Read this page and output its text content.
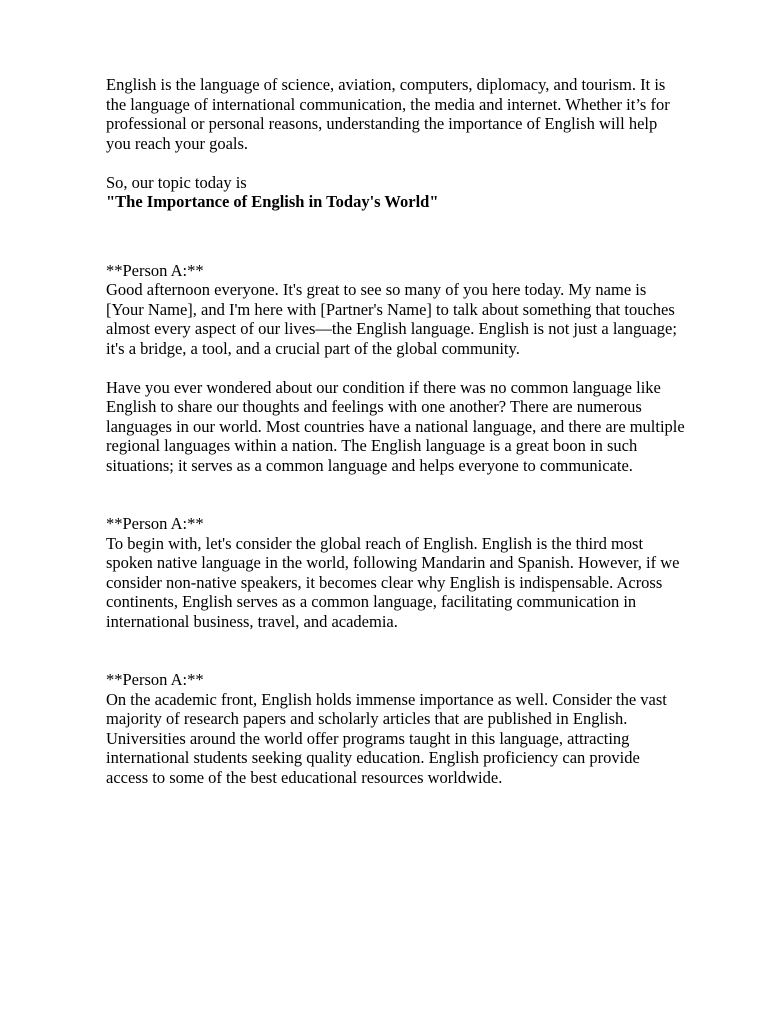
English is the language of science, aviation, computers, diplomacy, and tourism. It is the language of international communication, the media and internet. Whether it’s for professional or personal reasons, understanding the importance of English will help you reach your goals.

So, our topic today is

"The Importance of English in Today's World"

**Person A:**

Good afternoon everyone. It's great to see so many of you here today. My name is [Your Name], and I'm here with [Partner's Name] to talk about something that touches almost every aspect of our lives—the English language. English is not just a language; it's a bridge, a tool, and a crucial part of the global community.

Have you ever wondered about our condition if there was no common language like English to share our thoughts and feelings with one another? There are numerous languages in our world. Most countries have a national language, and there are multiple regional languages within a nation. The English language is a great boon in such situations; it serves as a common language and helps everyone to communicate.

**Person A:**

To begin with, let's consider the global reach of English. English is the third most spoken native language in the world, following Mandarin and Spanish. However, if we consider non-native speakers, it becomes clear why English is indispensable. Across continents, English serves as a common language, facilitating communication in international business, travel, and academia.

**Person A:**

On the academic front, English holds immense importance as well. Consider the vast majority of research papers and scholarly articles that are published in English. Universities around the world offer programs taught in this language, attracting international students seeking quality education. English proficiency can provide access to some of the best educational resources worldwide.
